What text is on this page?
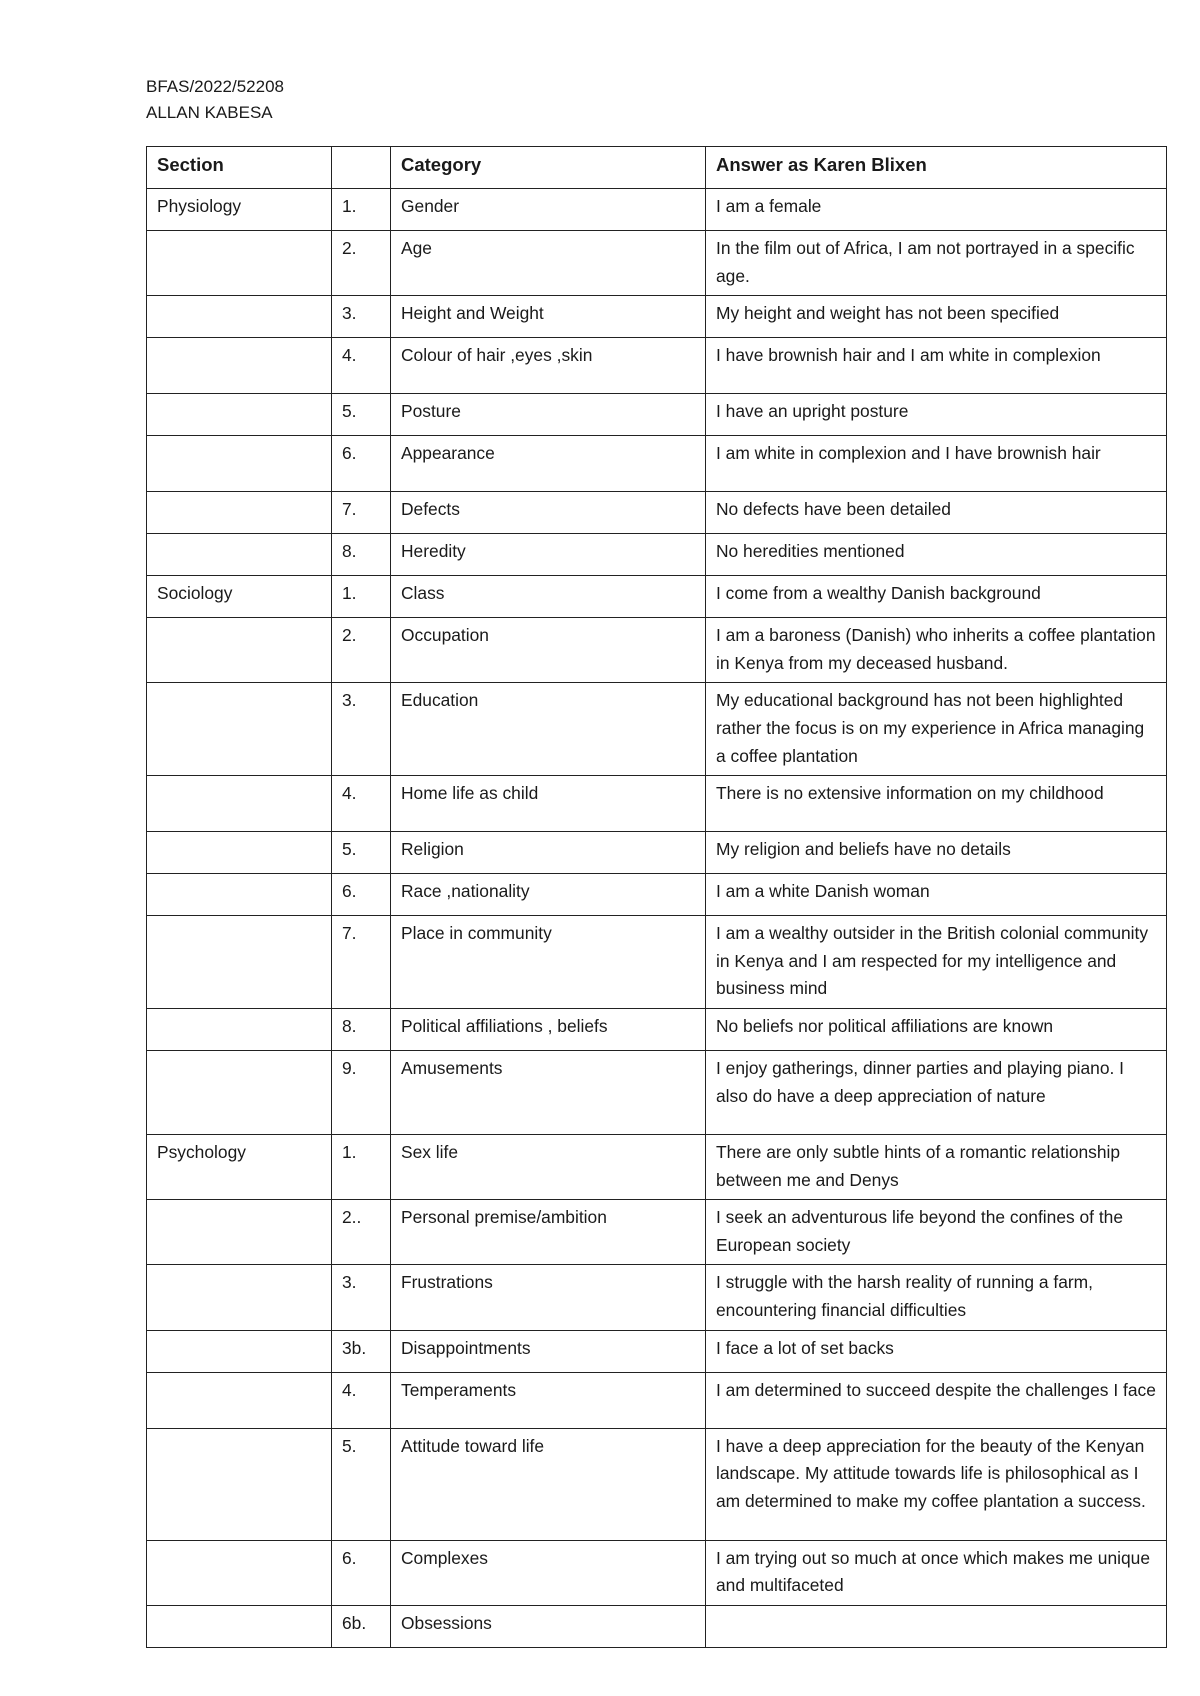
BFAS/2022/52208
ALLAN KABESA
Section		Category	Answer as Karen Blixen
Physiology	1.	Gender	I am a female
	2.	Age	In the film out of Africa, I am not portrayed in a specific age.
	3.	Height and Weight	My height and weight has not been specified
	4.	Colour of hair ,eyes ,skin	I have brownish hair and I am white in complexion
	5.	Posture	I have an upright posture
	6.	Appearance	I am white in complexion and I have brownish hair
	7.	Defects	No defects have been detailed
	8.	Heredity	No heredities mentioned
Sociology	1.	Class	I come from a wealthy Danish background
	2.	Occupation	I am a baroness (Danish) who inherits a coffee plantation in Kenya from my deceased husband.
	3.	Education	My educational background has not been highlighted rather the focus is on my experience in Africa managing a coffee plantation
	4.	Home life as child	There is no extensive information on my childhood
	5.	Religion	My religion and beliefs have no details
	6.	Race ,nationality	I am a white Danish woman
	7.	Place in community	I am a wealthy outsider in the British colonial community in Kenya and I am respected for my intelligence and business mind
	8.	Political affiliations , beliefs	No beliefs nor political affiliations are known
	9.	Amusements	I enjoy gatherings, dinner parties and playing piano. I also do have a deep appreciation of nature
Psychology	1.	Sex life	There are only subtle hints of a romantic relationship between me and Denys
	2..	Personal premise/ambition	I seek an adventurous life beyond the confines of the European society
	3.	Frustrations	I struggle with the harsh reality of running a farm, encountering financial difficulties
	3b.	Disappointments	I face a lot of set backs
	4.	Temperaments	I am determined to succeed despite the challenges I face
	5.	Attitude toward life	I have a deep appreciation for the beauty of the Kenyan landscape. My attitude towards life is philosophical as I am determined to make my coffee plantation a success.
	6.	Complexes	I am trying out so much at once which makes me unique and multifaceted
	6b.	Obsessions	
